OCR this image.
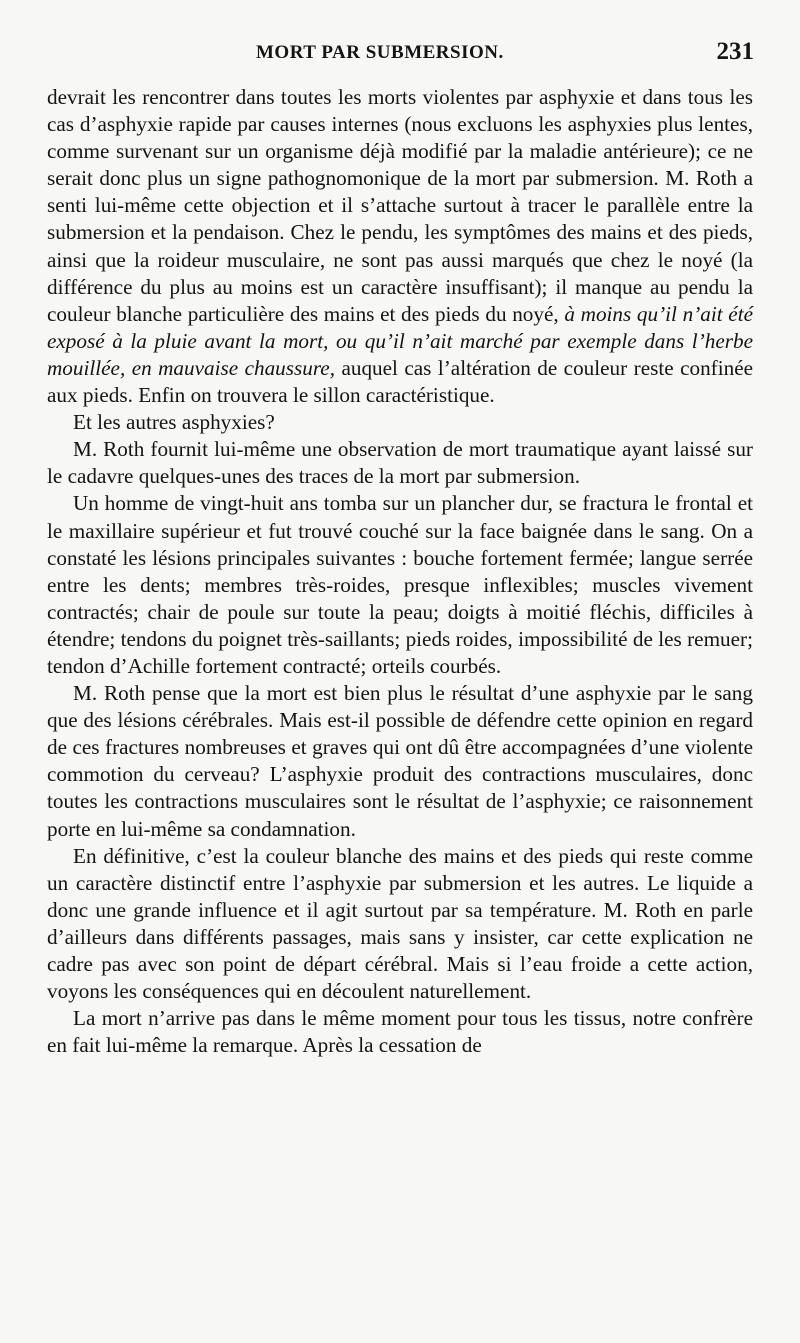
MORT PAR SUBMERSION.	231

devrait les rencontrer dans toutes les morts violentes par asphyxie et dans tous les cas d’asphyxie rapide par causes internes (nous excluons les asphyxies plus lentes, comme survenant sur un organisme déjà modifié par la maladie antérieure); ce ne serait donc plus un signe pathognomonique de la mort par submersion. M. Roth a senti lui-même cette objection et il s’attache surtout à tracer le parallèle entre la submersion et la pendaison. Chez le pendu, les symptômes des mains et des pieds, ainsi que la roideur musculaire, ne sont pas aussi marqués que chez le noyé (la différence du plus au moins est un caractère insuffisant); il manque au pendu la couleur blanche particulière des mains et des pieds du noyé, à moins qu’il n’ait été exposé à la pluie avant la mort, ou qu’il n’ait marché par exemple dans l’herbe mouillée, en mauvaise chaussure, auquel cas l’altération de couleur reste confinée aux pieds. Enfin on trouvera le sillon caractéristique.

Et les autres asphyxies?

M. Roth fournit lui-même une observation de mort traumatique ayant laissé sur le cadavre quelques-unes des traces de la mort par submersion.

Un homme de vingt-huit ans tomba sur un plancher dur, se fractura le frontal et le maxillaire supérieur et fut trouvé couché sur la face baignée dans le sang. On a constaté les lésions principales suivantes : bouche fortement fermée; langue serrée entre les dents; membres très-roides, presque inflexibles; muscles vivement contractés; chair de poule sur toute la peau; doigts à moitié fléchis, difficiles à étendre; tendons du poignet très-saillants; pieds roides, impossibilité de les remuer; tendon d’Achille fortement contracté; orteils courbés.

M. Roth pense que la mort est bien plus le résultat d’une asphyxie par le sang que des lésions cérébrales. Mais est-il possible de défendre cette opinion en regard de ces fractures nombreuses et graves qui ont dû être accompagnées d’une violente commotion du cerveau? L’asphyxie produit des contractions musculaires, donc toutes les contractions musculaires sont le résultat de l’asphyxie; ce raisonnement porte en lui-même sa condamnation.

En définitive, c’est la couleur blanche des mains et des pieds qui reste comme un caractère distinctif entre l’asphyxie par submersion et les autres. Le liquide a donc une grande influence et il agit surtout par sa température. M. Roth en parle d’ailleurs dans différents passages, mais sans y insister, car cette explication ne cadre pas avec son point de départ cérébral. Mais si l’eau froide a cette action, voyons les conséquences qui en découlent naturellement.

La mort n’arrive pas dans le même moment pour tous les tissus, notre confrère en fait lui-même la remarque. Après la cessation de
